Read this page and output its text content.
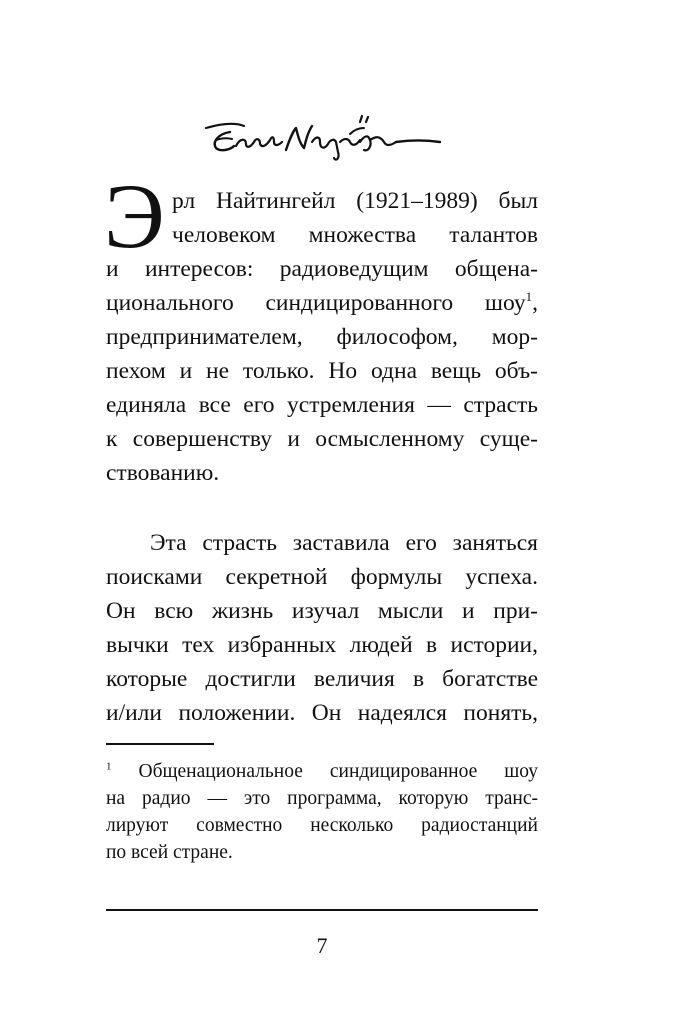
Э рл Найтингейл (1921–1989) был
человеком множества талантов
и интересов: радиоведущим общена-
ционального синдицированного шоу$^1$,
предпринимателем, философом, мор-
пехом и не только. Но одна вещь объ-
единяла все его устремления — страсть
к совершенству и осмысленному суще-
ствованию.
Эта страсть заставила его заняться
поисками секретной формулы успеха.
Он всю жизнь изучал мысли и при-
вычки тех избранных людей в истории,
которые достигли величия в богатстве
и/или положении. Он надеялся понять,
$^1$ Общенациональное синдицированное шоу
на радио — это программа, которую транс-
лируют совместно несколько радиостанций
по всей стране.
7
